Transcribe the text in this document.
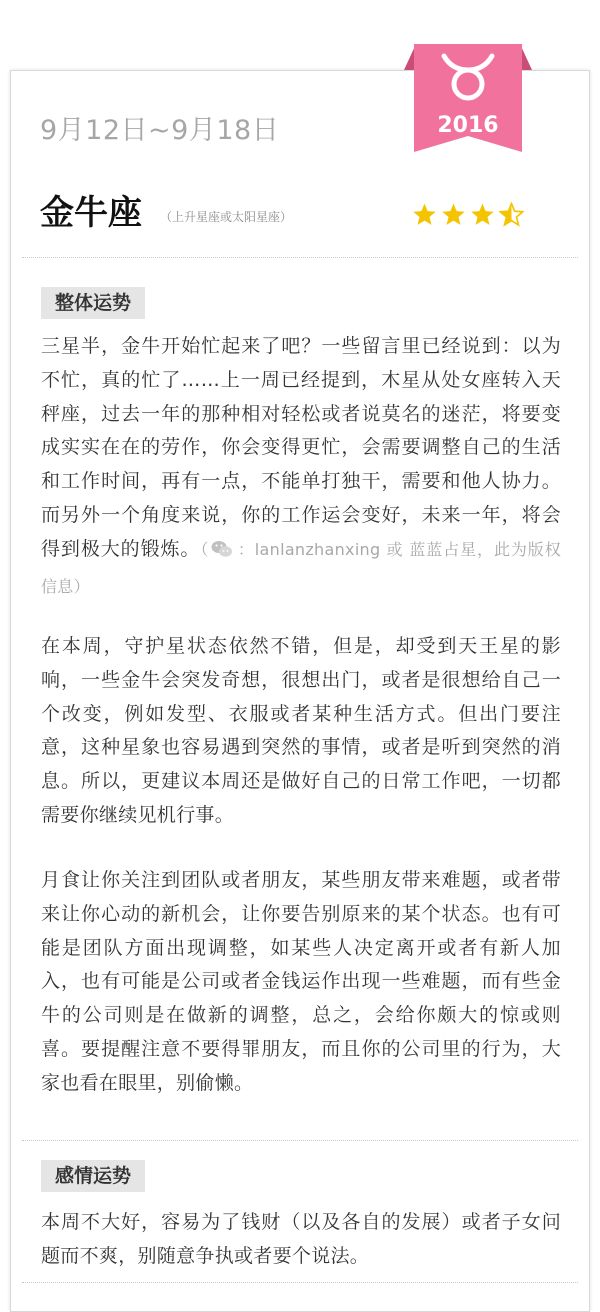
2016
9月12日~9月18日
金牛座 （上升星座或太阳星座）
整体运势
三星半，金牛开始忙起来了吧？一些留言里已经说到：以为不忙，真的忙了……上一周已经提到，木星从处女座转入天秤座，过去一年的那种相对轻松或者说莫名的迷茫，将要变成实实在在的劳作，你会变得更忙，会需要调整自己的生活和工作时间，再有一点，不能单打独干，需要和他人协力。而另外一个角度来说，你的工作运会变好，未来一年，将会得到极大的锻炼。（ ：lanlanzhanxing 或 蓝蓝占星，此为版权信息）
在本周，守护星状态依然不错，但是，却受到天王星的影响，一些金牛会突发奇想，很想出门，或者是很想给自己一个改变，例如发型、衣服或者某种生活方式。但出门要注意，这种星象也容易遇到突然的事情，或者是听到突然的消息。所以，更建议本周还是做好自己的日常工作吧，一切都需要你继续见机行事。
月食让你关注到团队或者朋友，某些朋友带来难题，或者带来让你心动的新机会，让你要告别原来的某个状态。也有可能是团队方面出现调整，如某些人决定离开或者有新人加入，也有可能是公司或者金钱运作出现一些难题，而有些金牛的公司则是在做新的调整，总之，会给你颇大的惊或则喜。要提醒注意不要得罪朋友，而且你的公司里的行为，大家也看在眼里，别偷懒。
感情运势
本周不大好，容易为了钱财（以及各自的发展）或者子女问题而不爽，别随意争执或者要个说法。
